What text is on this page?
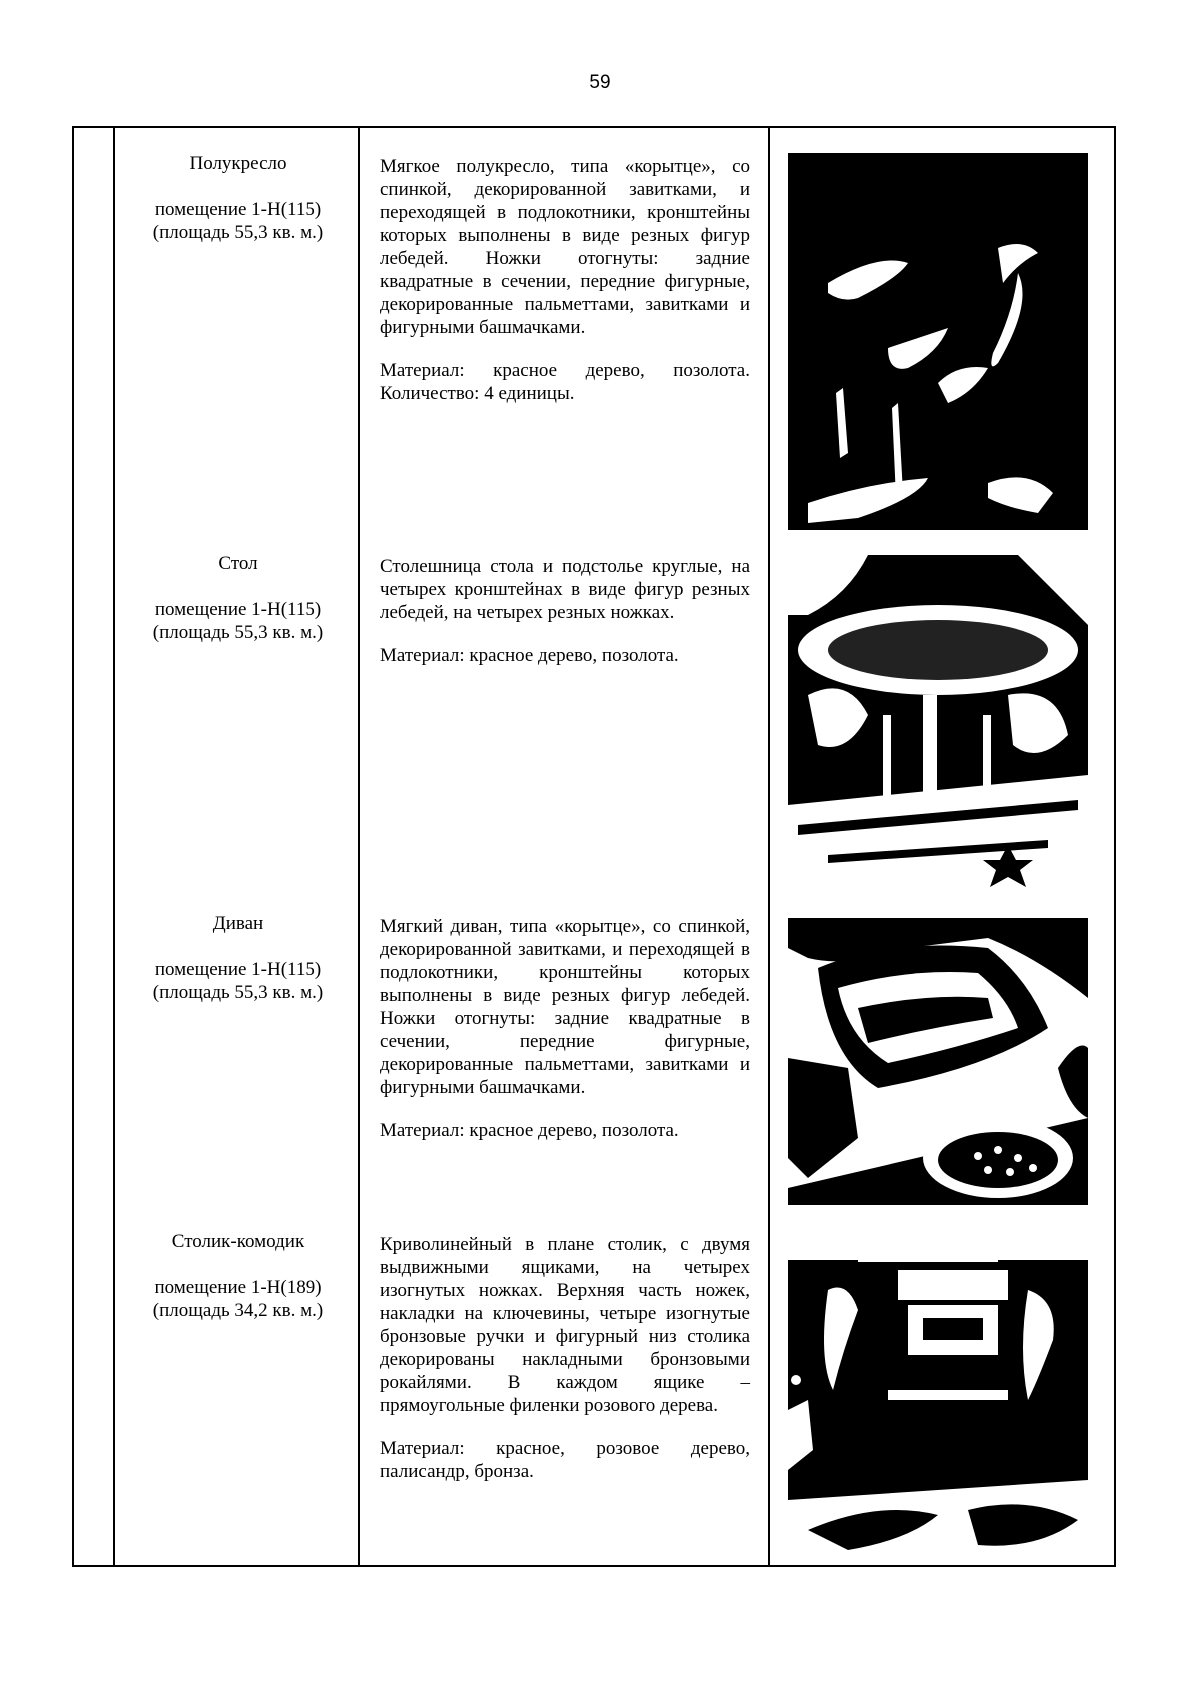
59
Полукресло
помещение 1-Н(115)
(площадь 55,3 кв. м.)

Мягкое полукресло, типа «корытце», со спинкой, декорированной завитками, и переходящей в подлокотники, кронштейны которых выполнены в виде резных фигур лебедей. Ножки отогнуты: задние квадратные в сечении, передние фигурные, декорированные пальметтами, завитками и фигурными башмачками.

Материал: красное дерево, позолота. Количество: 4 единицы.

Стол
помещение 1-Н(115)
(площадь 55,3 кв. м.)

Столешница стола и подстолье круглые, на четырех кронштейнах в виде фигур резных лебедей, на четырех резных ножках.

Материал: красное дерево, позолота.

Диван
помещение 1-Н(115)
(площадь 55,3 кв. м.)

Мягкий диван, типа «корытце», со спинкой, декорированной завитками, и переходящей в подлокотники, кронштейны которых выполнены в виде резных фигур лебедей. Ножки отогнуты: задние квадратные в сечении, передние фигурные, декорированные пальметтами, завитками и фигурными башмачками.

Материал: красное дерево, позолота.

Столик-комодик
помещение 1-Н(189)
(площадь 34,2 кв. м.)

Криволинейный в плане столик, с двумя выдвижными ящиками, на четырех изогнутых ножках. Верхняя часть ножек, накладки на ключевины, четыре изогнутые бронзовые ручки и фигурный низ столика декорированы накладными бронзовыми рокайлями. В каждом ящике – прямоугольные филенки розового дерева.

Материал: красное, розовое дерево, палисандр, бронза.
